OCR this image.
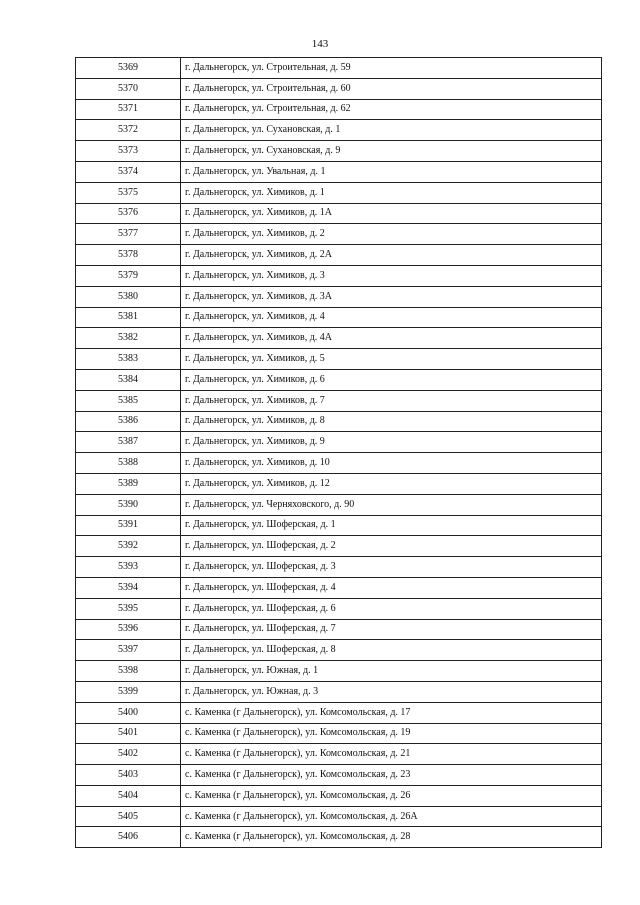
143
5369	г. Дальнегорск, ул. Строительная, д. 59
5370	г. Дальнегорск, ул. Строительная, д. 60
5371	г. Дальнегорск, ул. Строительная, д. 62
5372	г. Дальнегорск, ул. Сухановская, д. 1
5373	г. Дальнегорск, ул. Сухановская, д. 9
5374	г. Дальнегорск, ул. Увальная, д. 1
5375	г. Дальнегорск, ул. Химиков, д. 1
5376	г. Дальнегорск, ул. Химиков, д. 1А
5377	г. Дальнегорск, ул. Химиков, д. 2
5378	г. Дальнегорск, ул. Химиков, д. 2А
5379	г. Дальнегорск, ул. Химиков, д. 3
5380	г. Дальнегорск, ул. Химиков, д. 3А
5381	г. Дальнегорск, ул. Химиков, д. 4
5382	г. Дальнегорск, ул. Химиков, д. 4А
5383	г. Дальнегорск, ул. Химиков, д. 5
5384	г. Дальнегорск, ул. Химиков, д. 6
5385	г. Дальнегорск, ул. Химиков, д. 7
5386	г. Дальнегорск, ул. Химиков, д. 8
5387	г. Дальнегорск, ул. Химиков, д. 9
5388	г. Дальнегорск, ул. Химиков, д. 10
5389	г. Дальнегорск, ул. Химиков, д. 12
5390	г. Дальнегорск, ул. Черняховского, д. 90
5391	г. Дальнегорск, ул. Шоферская, д. 1
5392	г. Дальнегорск, ул. Шоферская, д. 2
5393	г. Дальнегорск, ул. Шоферская, д. 3
5394	г. Дальнегорск, ул. Шоферская, д. 4
5395	г. Дальнегорск, ул. Шоферская, д. 6
5396	г. Дальнегорск, ул. Шоферская, д. 7
5397	г. Дальнегорск, ул. Шоферская, д. 8
5398	г. Дальнегорск, ул. Южная, д. 1
5399	г. Дальнегорск, ул. Южная, д. 3
5400	с. Каменка (г Дальнегорск), ул. Комсомольская, д. 17
5401	с. Каменка (г Дальнегорск), ул. Комсомольская, д. 19
5402	с. Каменка (г Дальнегорск), ул. Комсомольская, д. 21
5403	с. Каменка (г Дальнегорск), ул. Комсомольская, д. 23
5404	с. Каменка (г Дальнегорск), ул. Комсомольская, д. 26
5405	с. Каменка (г Дальнегорск), ул. Комсомольская, д. 26А
5406	с. Каменка (г Дальнегорск), ул. Комсомольская, д. 28
